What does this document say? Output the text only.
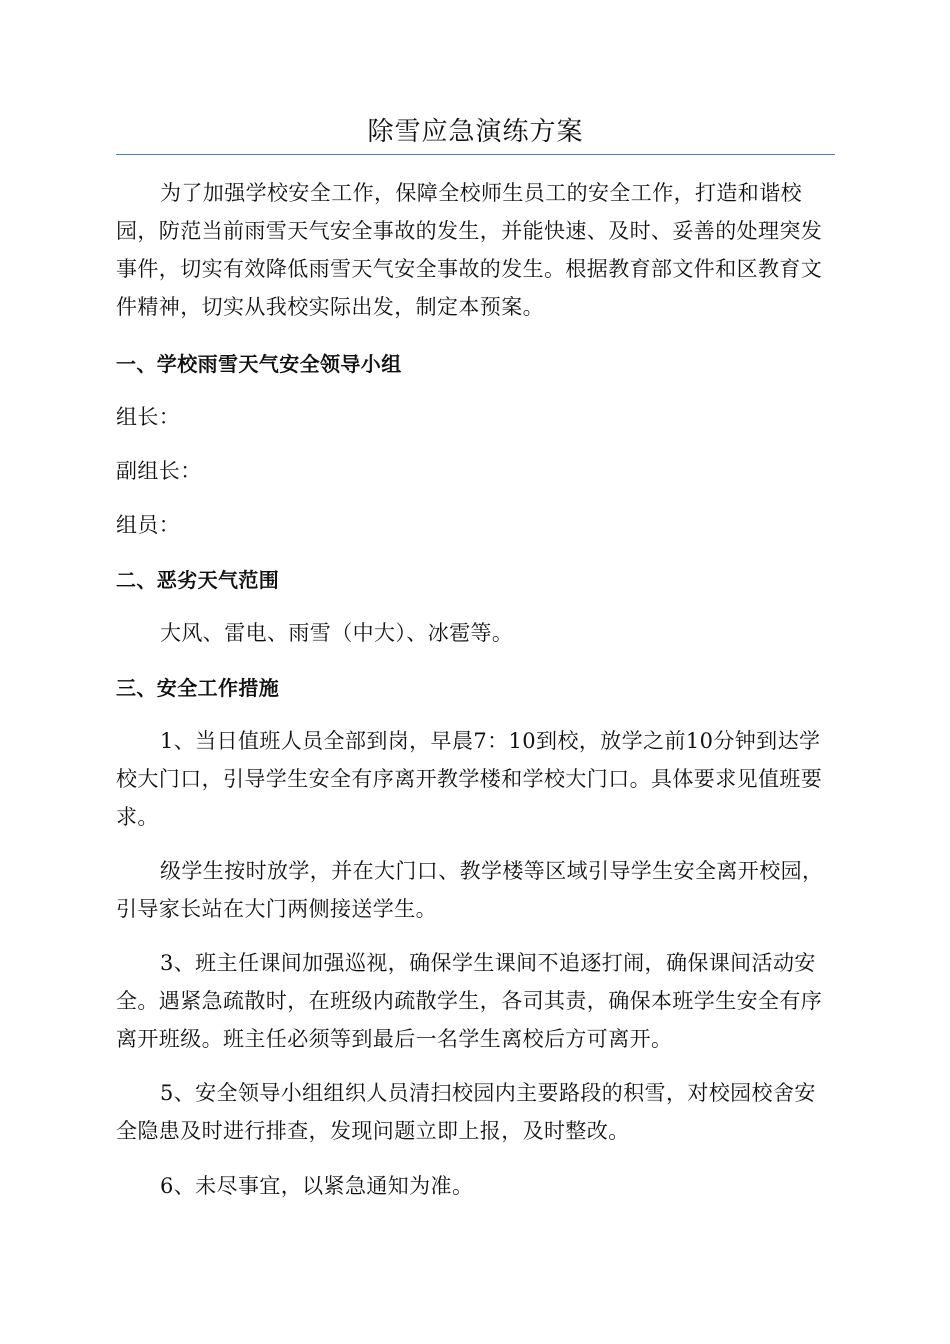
除雪应急演练方案

为了加强学校安全工作，保障全校师生员工的安全工作，打造和谐校园，防范当前雨雪天气安全事故的发生，并能快速、及时、妥善的处理突发事件，切实有效降低雨雪天气安全事故的发生。根据教育部文件和区教育文件精神，切实从我校实际出发，制定本预案。

一、学校雨雪天气安全领导小组

组长：

副组长：

组员：

二、恶劣天气范围

大风、雷电、雨雪（中大）、冰雹等。

三、安全工作措施

1、当日值班人员全部到岗，早晨7：10到校，放学之前10分钟到达学校大门口，引导学生安全有序离开教学楼和学校大门口。具体要求见值班要求。

级学生按时放学，并在大门口、教学楼等区域引导学生安全离开校园，引导家长站在大门两侧接送学生。

3、班主任课间加强巡视，确保学生课间不追逐打闹，确保课间活动安全。遇紧急疏散时，在班级内疏散学生，各司其责，确保本班学生安全有序离开班级。班主任必须等到最后一名学生离校后方可离开。

5、安全领导小组组织人员清扫校园内主要路段的积雪，对校园校舍安全隐患及时进行排查，发现问题立即上报，及时整改。

6、未尽事宜，以紧急通知为准。
